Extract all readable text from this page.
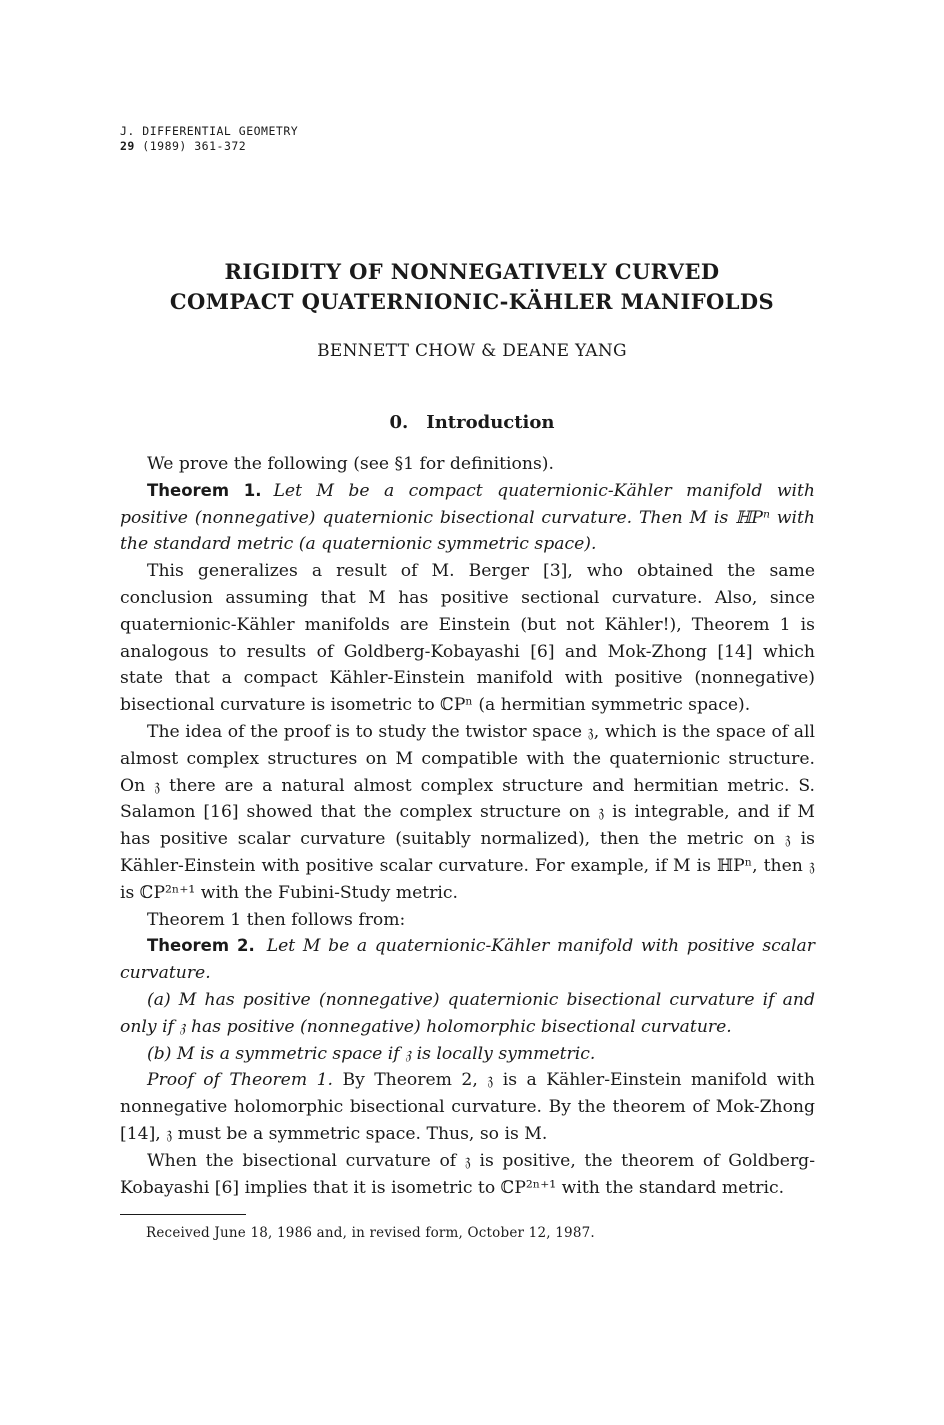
J. DIFFERENTIAL GEOMETRY
29 (1989) 361-372
RIGIDITY OF NONNEGATIVELY CURVED
COMPACT QUATERNIONIC-KÄHLER MANIFOLDS
BENNETT CHOW & DEANE YANG
0. Introduction

We prove the following (see §1 for definitions).

Theorem 1. Let M be a compact quaternionic-Kähler manifold with positive (nonnegative) quaternionic bisectional curvature. Then M is ℍPⁿ with the standard metric (a quaternionic symmetric space).

This generalizes a result of M. Berger [3], who obtained the same conclusion assuming that M has positive sectional curvature. Also, since quaternionic-Kähler manifolds are Einstein (but not Kähler!), Theorem 1 is analogous to results of Goldberg-Kobayashi [6] and Mok-Zhong [14] which state that a compact Kähler-Einstein manifold with positive (nonnegative) bisectional curvature is isometric to ℂPⁿ (a hermitian symmetric space).

The idea of the proof is to study the twistor space 𝔷, which is the space of all almost complex structures on M compatible with the quaternionic structure. On 𝔷 there are a natural almost complex structure and hermitian metric. S. Salamon [16] showed that the complex structure on 𝔷 is integrable, and if M has positive scalar curvature (suitably normalized), then the metric on 𝔷 is Kähler-Einstein with positive scalar curvature. For example, if M is ℍPⁿ, then 𝔷 is ℂP²ⁿ⁺¹ with the Fubini-Study metric.

Theorem 1 then follows from:

Theorem 2. Let M be a quaternionic-Kähler manifold with positive scalar curvature.

(a) M has positive (nonnegative) quaternionic bisectional curvature if and only if 𝔷 has positive (nonnegative) holomorphic bisectional curvature.

(b) M is a symmetric space if 𝔷 is locally symmetric.

Proof of Theorem 1. By Theorem 2, 𝔷 is a Kähler-Einstein manifold with nonnegative holomorphic bisectional curvature. By the theorem of Mok-Zhong [14], 𝔷 must be a symmetric space. Thus, so is M.

When the bisectional curvature of 𝔷 is positive, the theorem of Goldberg-Kobayashi [6] implies that it is isometric to ℂP²ⁿ⁺¹ with the standard metric.

Received June 18, 1986 and, in revised form, October 12, 1987.
